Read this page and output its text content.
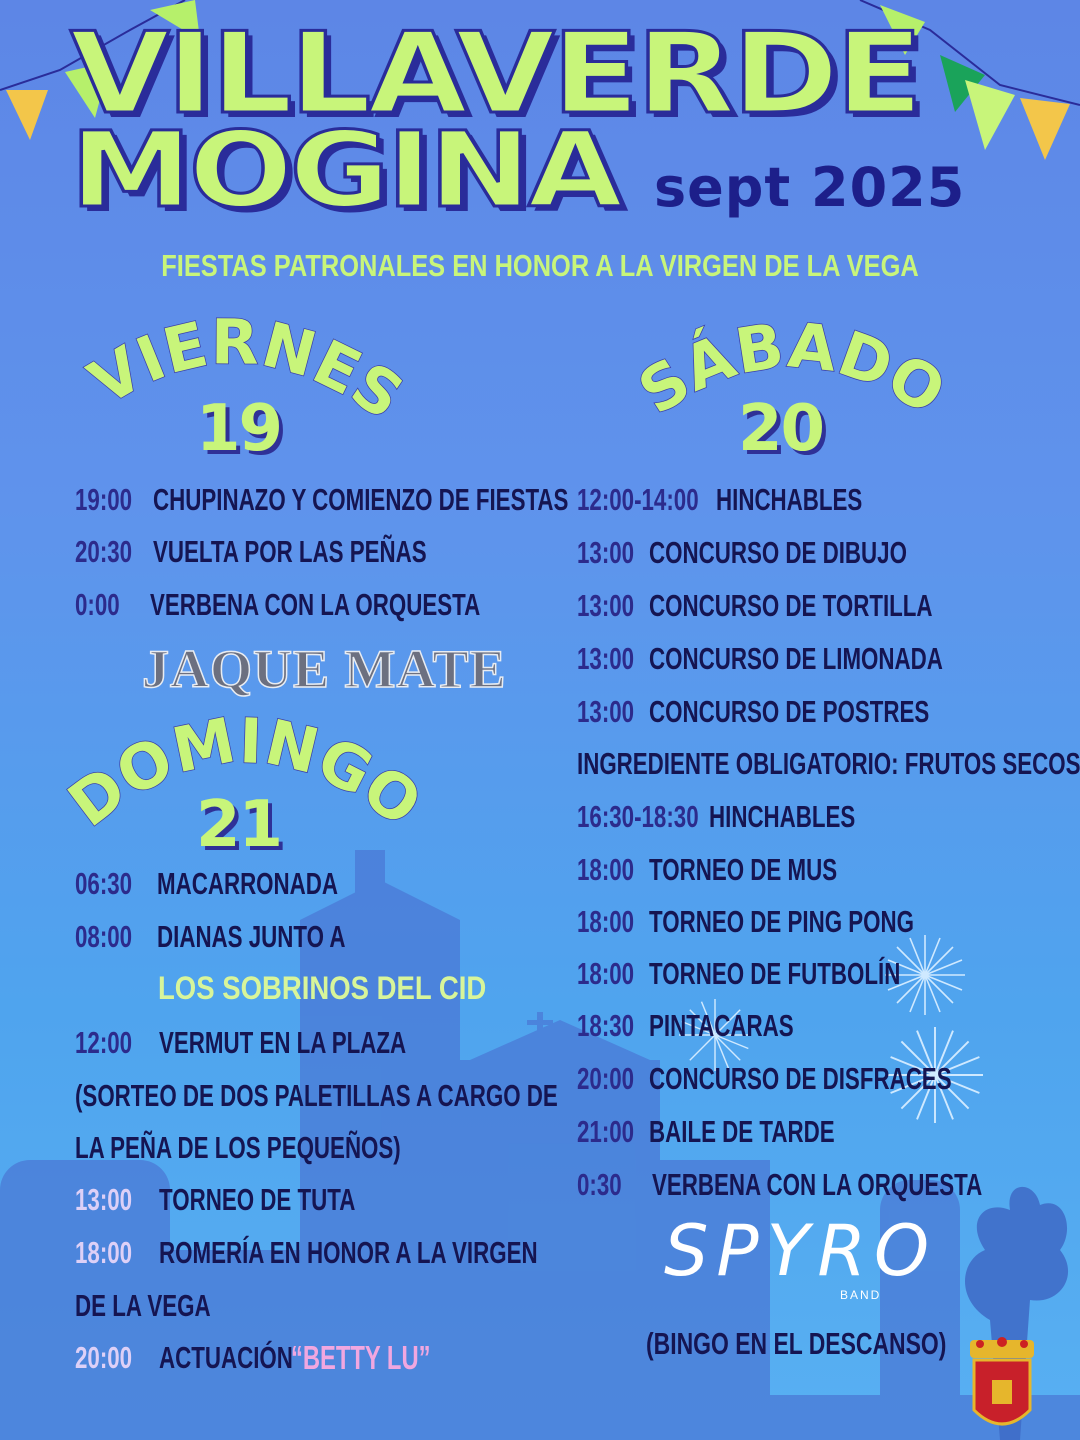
VILLAVERDE
MOGINA sept 2025
FIESTAS PATRONALES EN HONOR A LA VIRGEN DE LA VEGA
VIERNES
19
SÁBADO
20
DOMINGO
21
19:00 CHUPINAZO Y COMIENZO DE FIESTAS
20:30 VUELTA POR LAS PEÑAS
0:00 VERBENA CON LA ORQUESTA
JAQUE MATE
06:30 MACARRONADA
08:00 DIANAS JUNTO A
LOS SOBRINOS DEL CID
12:00 VERMUT EN LA PLAZA
(SORTEO DE DOS PALETILLAS A CARGO DE
LA PEÑA DE LOS PEQUEÑOS)
13:00 TORNEO DE TUTA
18:00 ROMERÍA EN HONOR A LA VIRGEN
DE LA VEGA
20:00 ACTUACIÓN
“BETTY LU”
12:00-14:00 HINCHABLES
13:00 CONCURSO DE DIBUJO
13:00 CONCURSO DE TORTILLA
13:00 CONCURSO DE LIMONADA
13:00 CONCURSO DE POSTRES
INGREDIENTE OBLIGATORIO: FRUTOS SECOS
16:30-18:30 HINCHABLES
18:00 TORNEO DE MUS
18:00 TORNEO DE PING PONG
18:00 TORNEO DE FUTBOLÍN
18:30 PINTACARAS
20:00 CONCURSO DE DISFRACES
21:00 BAILE DE TARDE
0:30 VERBENA CON LA ORQUESTA
SPYRO
BAND
(BINGO EN EL DESCANSO)
